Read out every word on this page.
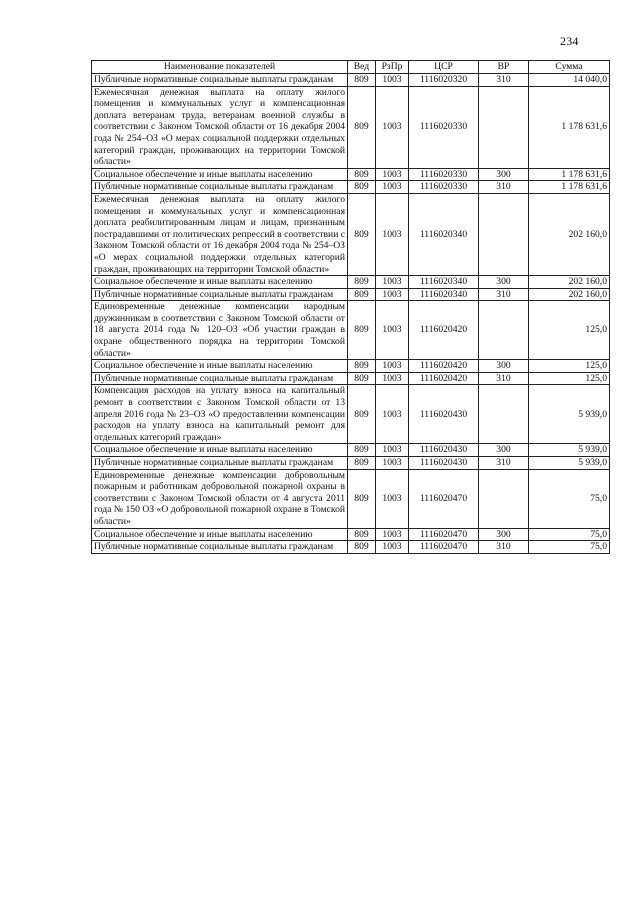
234
Наименование показателей	Вед	РзПр	ЦСР	ВР	Сумма
Публичные нормативные социальные выплаты гражданам	809	1003	1116020320	310	14 040,0
Ежемесячная денежная выплата на оплату жилого помещения и коммунальных услуг и компенсационная доплата ветеранам труда, ветеранам военной службы в соответствии с Законом Томской области от 16 декабря 2004 года № 254–ОЗ «О мерах социальной поддержки отдельных категорий граждан, проживающих на территории Томской области»	809	1003	1116020330		1 178 631,6
Социальное обеспечение и иные выплаты населению	809	1003	1116020330	300	1 178 631,6
Публичные нормативные социальные выплаты гражданам	809	1003	1116020330	310	1 178 631,6
Ежемесячная денежная выплата на оплату жилого помещения и коммунальных услуг и компенсационная доплата реабилитированным лицам и лицам, признанным пострадавшими от политических репрессий в соответствии с Законом Томской области от 16 декабря 2004 года № 254–ОЗ «О мерах социальной поддержки отдельных категорий граждан, проживающих на территории Томской области»	809	1003	1116020340		202 160,0
Социальное обеспечение и иные выплаты населению	809	1003	1116020340	300	202 160,0
Публичные нормативные социальные выплаты гражданам	809	1003	1116020340	310	202 160,0
Единовременные денежные компенсации народным дружинникам в соответствии с Законом Томской области от 18 августа 2014 года № 120–ОЗ «Об участии граждан в охране общественного порядка на территории Томской области»	809	1003	1116020420		125,0
Социальное обеспечение и иные выплаты населению	809	1003	1116020420	300	125,0
Публичные нормативные социальные выплаты гражданам	809	1003	1116020420	310	125,0
Компенсация расходов на уплату взноса на капитальный ремонт в соответствии с Законом Томской области от 13 апреля 2016 года № 23–ОЗ «О предоставлении компенсации расходов на уплату взноса на капитальный ремонт для отдельных категорий граждан»	809	1003	1116020430		5 939,0
Социальное обеспечение и иные выплаты населению	809	1003	1116020430	300	5 939,0
Публичные нормативные социальные выплаты гражданам	809	1003	1116020430	310	5 939,0
Единовременные денежные компенсации добровольным пожарным и работникам добровольной пожарной охраны в соответствии с Законом Томской области от 4 августа 2011 года № 150 ОЗ «О добровольной пожарной охране в Томской области»	809	1003	1116020470		75,0
Социальное обеспечение и иные выплаты населению	809	1003	1116020470	300	75,0
Публичные нормативные социальные выплаты гражданам	809	1003	1116020470	310	75,0
